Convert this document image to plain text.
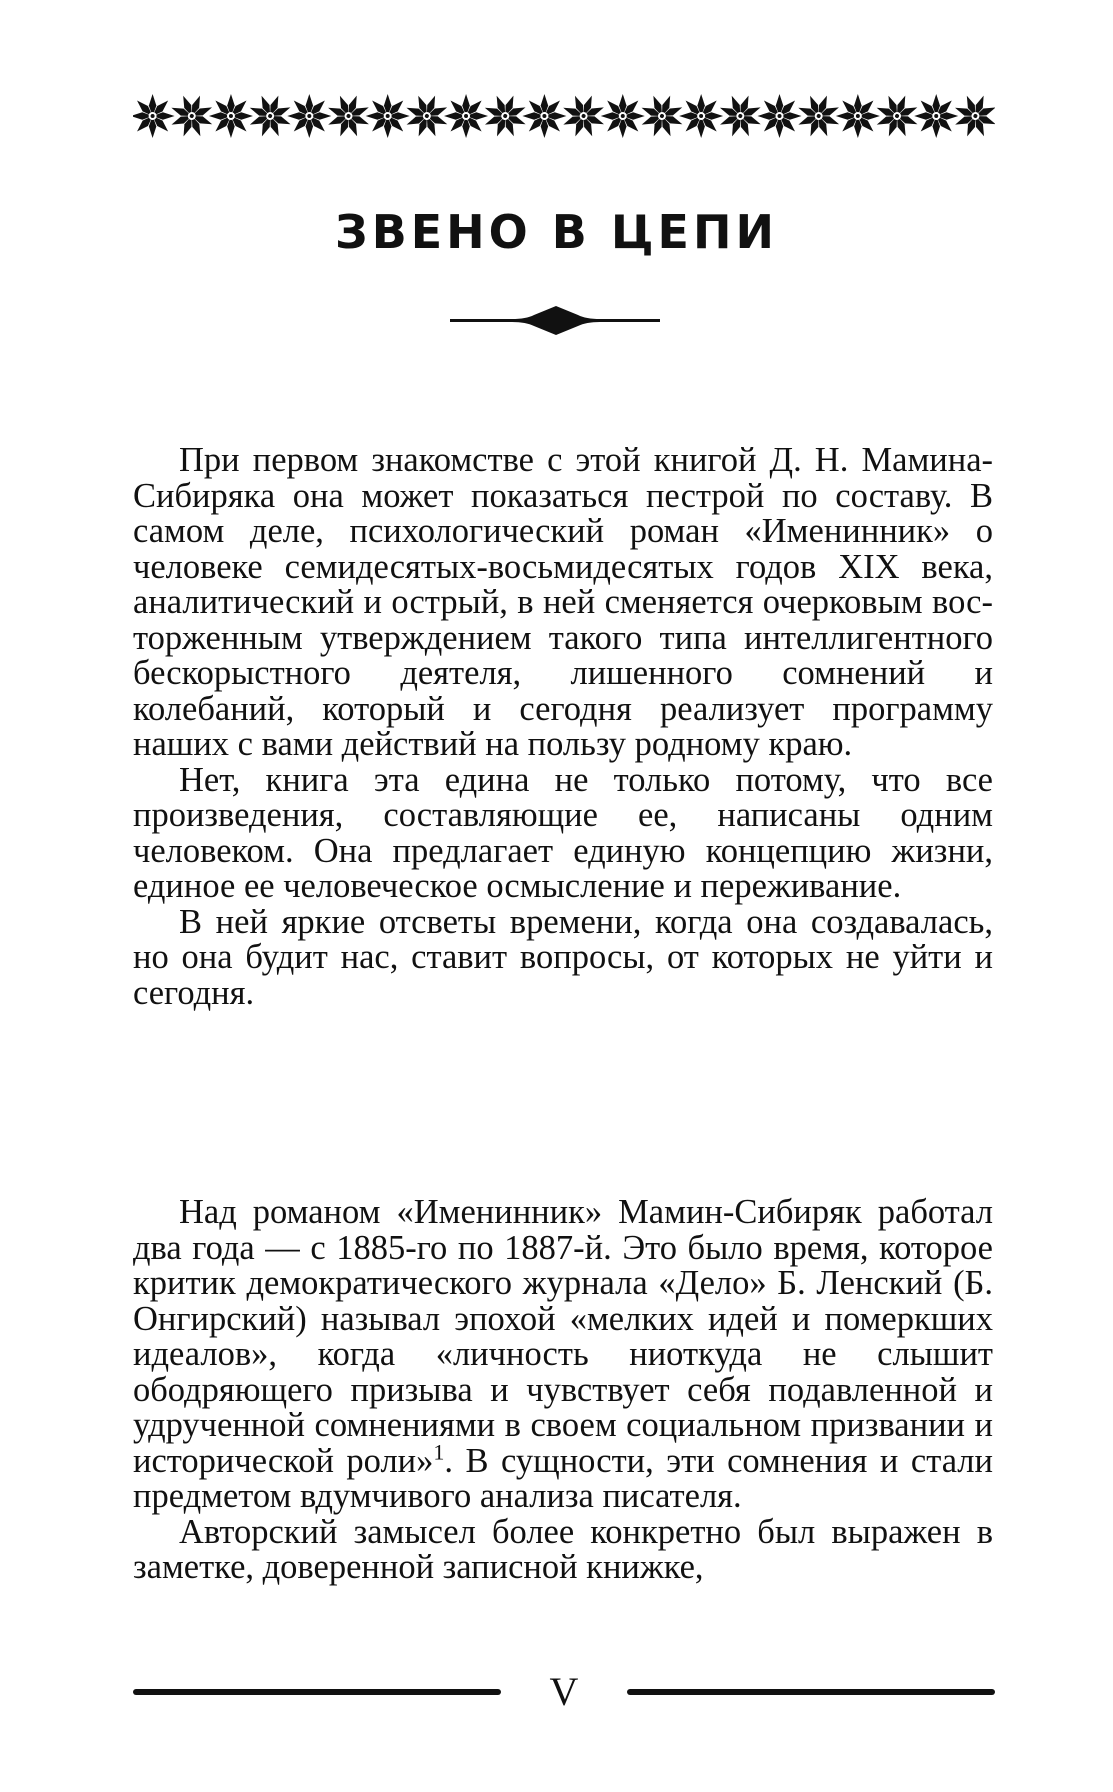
ЗВЕНО В ЦЕПИ

При первом знакомстве с этой книгой Д. Н. Мамина-Сибиряка она может показаться пестрой по составу. В самом деле, психологический роман «Именинник» о человеке семидесятых-восьмидесятых годов XIX века, аналитический и острый, в ней сменяется очерковым восторженным утверждением такого типа интеллигентного бескорыстного деятеля, лишенного сомнений и колебаний, который и сегодня реализует программу наших с вами действий на пользу родному краю.

Нет, книга эта едина не только потому, что все произведения, составляющие ее, написаны одним человеком. Она предлагает единую концепцию жизни, единое ее человеческое осмысление и переживание.

В ней яркие отсветы времени, когда она создавалась, но она будит нас, ставит вопросы, от которых не уйти и сегодня.

Над романом «Именинник» Мамин-Сибиряк работал два года — с 1885-го по 1887-й. Это было время, которое критик демократического журнала «Дело» Б. Ленский (Б. Онгирский) называл эпохой «мелких идей и померкших идеалов», когда «личность ниоткуда не слышит ободряющего призыва и чувствует себя подавленной и удрученной сомнениями в своем социальном призвании и исторической роли»$^1$. В сущности, эти сомнения и стали предметом вдумчивого анализа писателя.

Авторский замысел более конкретно был выражен в заметке, доверенной записной книжке,

V
